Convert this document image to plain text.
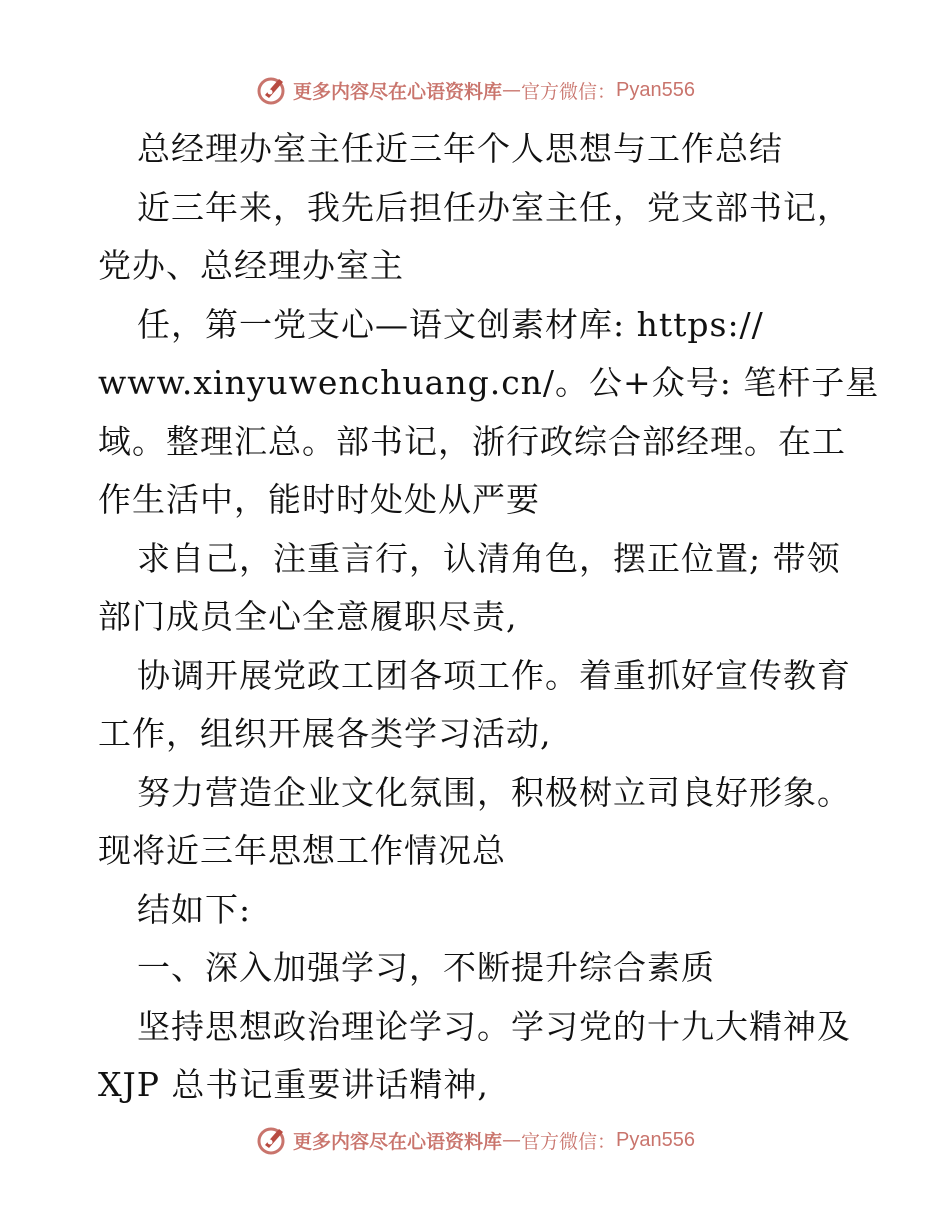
更多内容尽在心语资料库 — 官方微信： Pyan556
总经理办室主任近三年个人思想与工作总结
近三年来，我先后担任办室主任，党支部书记，
党办、总经理办室主
任，第一党支心—语文创素材库: https://
www.xinyuwenchuang.cn/。公+众号: 笔杆子星
域。整理汇总。部书记，浙行政综合部经理。在工
作生活中，能时时处处从严要
求自己，注重言行，认清角色，摆正位置; 带领
部门成员全心全意履职尽责,
协调开展党政工团各项工作。着重抓好宣传教育
工作，组织开展各类学习活动,
努力营造企业文化氛围，积极树立司良好形象。
现将近三年思想工作情况总
结如下:
一、深入加强学习，不断提升综合素质
坚持思想政治理论学习。学习党的十九大精神及
XJP 总书记重要讲话精神,
更多内容尽在心语资料库 — 官方微信： Pyan556
